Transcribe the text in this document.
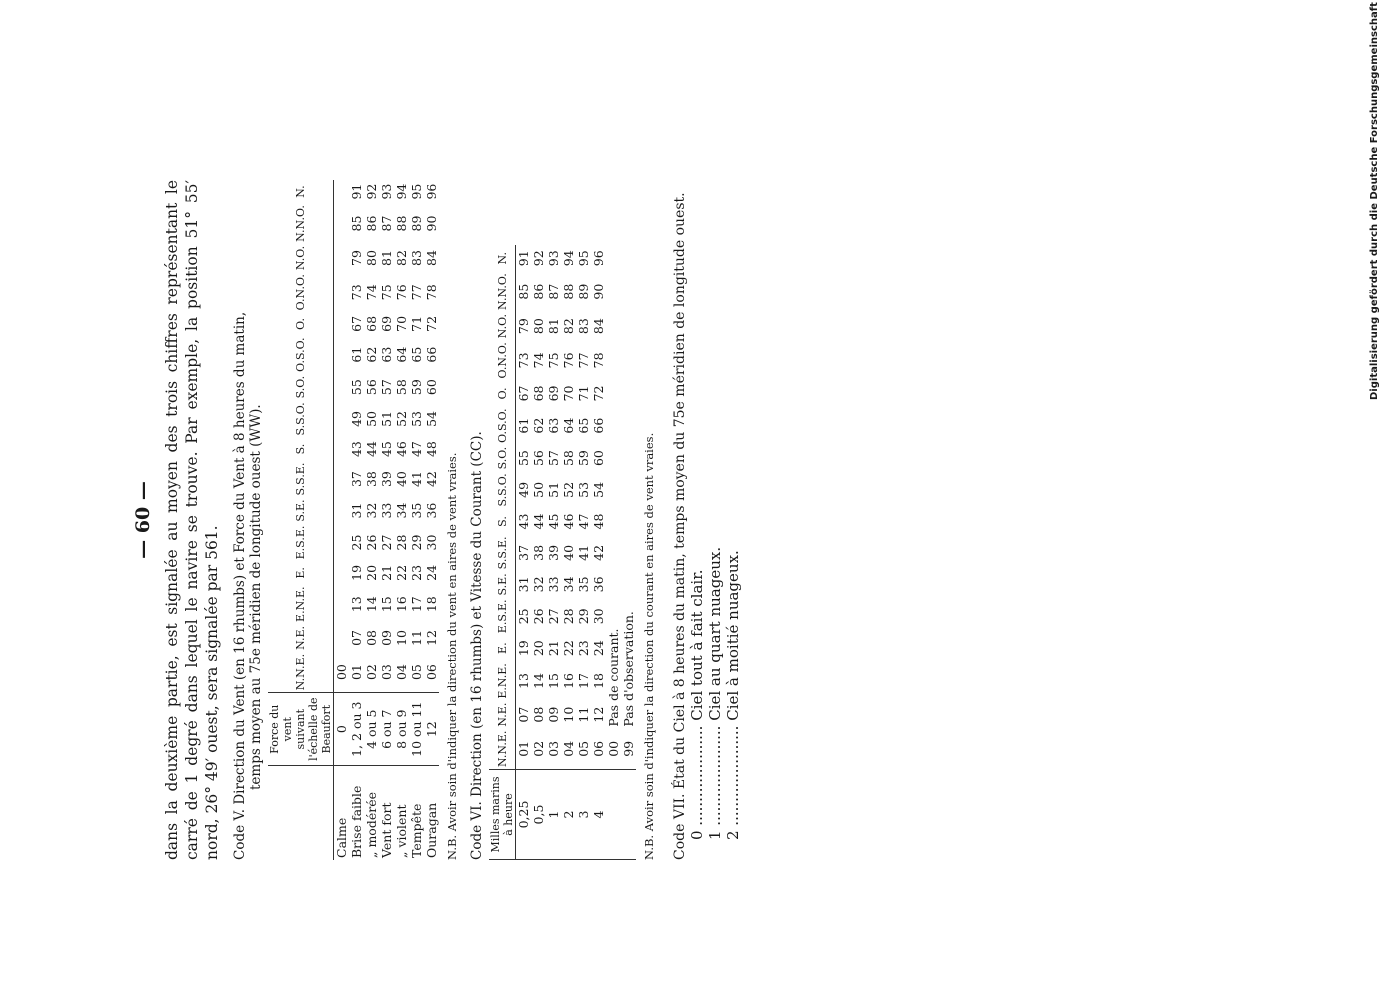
Digitalisierung gefördert durch die Deutsche Forschungsgemeinschaft
— 60 — dans la deuxième partie, est signalée au moyen des trois chiffres représentant le carré de 1 degré dans lequel le navire se trouve. Par exemple, la position 51° 55′ nord, 26° 49′ ouest, sera signalée par 561. Code V. Direction du Vent (en 16 rhumbs) et Force du Vent à 8 heures du matin, temps moyen au 75e méridien de longitude ouest (WW).
	Force du vent suivant l'échelle de Beaufort	N.N.E.	N.E.	E.N.E.	E.	E.S.E.	S.E.	S.S.E.	S.	S.S.O.	S.O.	O.S.O.	O.	O.N.O.	N.O.	N.N.O.	N.
Calme	0	00															
Brise faible	1, 2 ou 3	01	07	13	19	25	31	37	43	49	55	61	67	73	79	85	91
„ modérée	4 ou 5	02	08	14	20	26	32	38	44	50	56	62	68	74	80	86	92
Vent fort	6 ou 7	03	09	15	21	27	33	39	45	51	57	63	69	75	81	87	93
„ violent	8 ou 9	04	10	16	22	28	34	40	46	52	58	64	70	76	82	88	94
Tempête	10 ou 11	05	11	17	23	29	35	41	47	53	59	65	71	77	83	89	95
Ouragan	12	06	12	18	24	30	36	42	48	54	60	66	72	78	84	90	96
N.B. Avoir soin d'indiquer la direction du vent en aires de vent vraies. Code VI. Direction (en 16 rhumbs) et Vitesse du Courant (CC). Milles marins à heure	N.N.E.	N.E.	E.N.E.	E.	E.S.E.	S.E.	S.S.E.	S.	S.S.O.	S.O.	O.S.O.	O.	O.N.O.	N.O.	N.N.O.	N.
0,25	01	07	13	19	25	31	37	43	49	55	61	67	73	79	85	91
0,5	02	08	14	20	26	32	38	44	50	56	62	68	74	80	86	92
1	03	09	15	21	27	33	39	45	51	57	63	69	75	81	87	93
2	04	10	16	22	28	34	40	46	52	58	64	70	76	82	88	94
3	05	11	17	23	29	35	41	47	53	59	65	71	77	83	89	95
4	06	12	18	24	30	36	42	48	54	60	66	72	78	84	90	96
	00	Pas de courant.														
	99	Pas d'observation.														N.B. Avoir soin d'indiquer la direction du courant en aires de vent vraies. Code VII. État du Ciel à 8 heures du matin, temps moyen du 75e méridien de longitude ouest. 0 ..................... Ciel tout à fait clair.
1 ..................... Ciel au quart nuageux.
2 ..................... Ciel à moitié nuageux.
